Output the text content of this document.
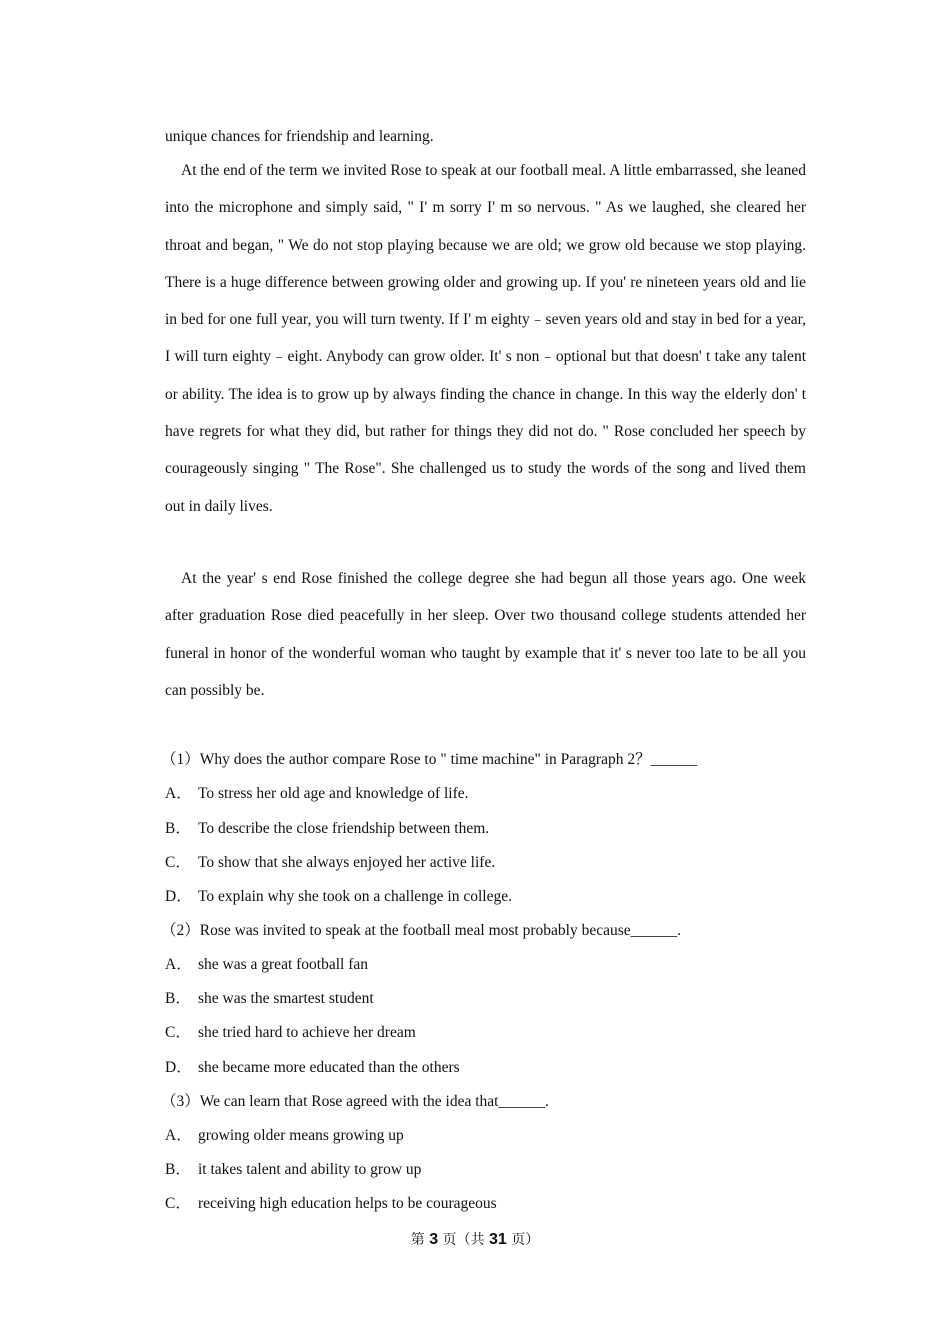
unique chances for friendship and learning.

At the end of the term we invited Rose to speak at our football meal. A little embarrassed, she leaned into the microphone and simply said, " I' m sorry I' m so nervous. " As we laughed, she cleared her throat and began, " We do not stop playing because we are old; we grow old because we stop playing. There is a huge difference between growing older and growing up. If you' re nineteen years old and lie in bed for one full year, you will turn twenty. If I' m eighty﹣seven years old and stay in bed for a year, I will turn eighty﹣eight. Anybody can grow older. It' s non﹣optional but that doesn' t take any talent or ability. The idea is to grow up by always finding the chance in change. In this way the elderly don' t have regrets for what they did, but rather for things they did not do. " Rose concluded her speech by courageously singing " The Rose". She challenged us to study the words of the song and lived them out in daily lives.

At the year' s end Rose finished the college degree she had begun all those years ago. One week after graduation Rose died peacefully in her sleep. Over two thousand college students attended her funeral in honor of the wonderful woman who taught by example that it' s never too late to be all you can possibly be.

（1）Why does the author compare Rose to " time machine" in Paragraph 2？______

A． To stress her old age and knowledge of life.

B． To describe the close friendship between them.

C． To show that she always enjoyed her active life.

D． To explain why she took on a challenge in college.

（2）Rose was invited to speak at the football meal most probably because______.

A． she was a great football fan

B． she was the smartest student

C． she tried hard to achieve her dream

D． she became more educated than the others

（3）We can learn that Rose agreed with the idea that______.

A． growing older means growing up

B． it takes talent and ability to grow up

C． receiving high education helps to be courageous

第 3 页（共 31 页）
